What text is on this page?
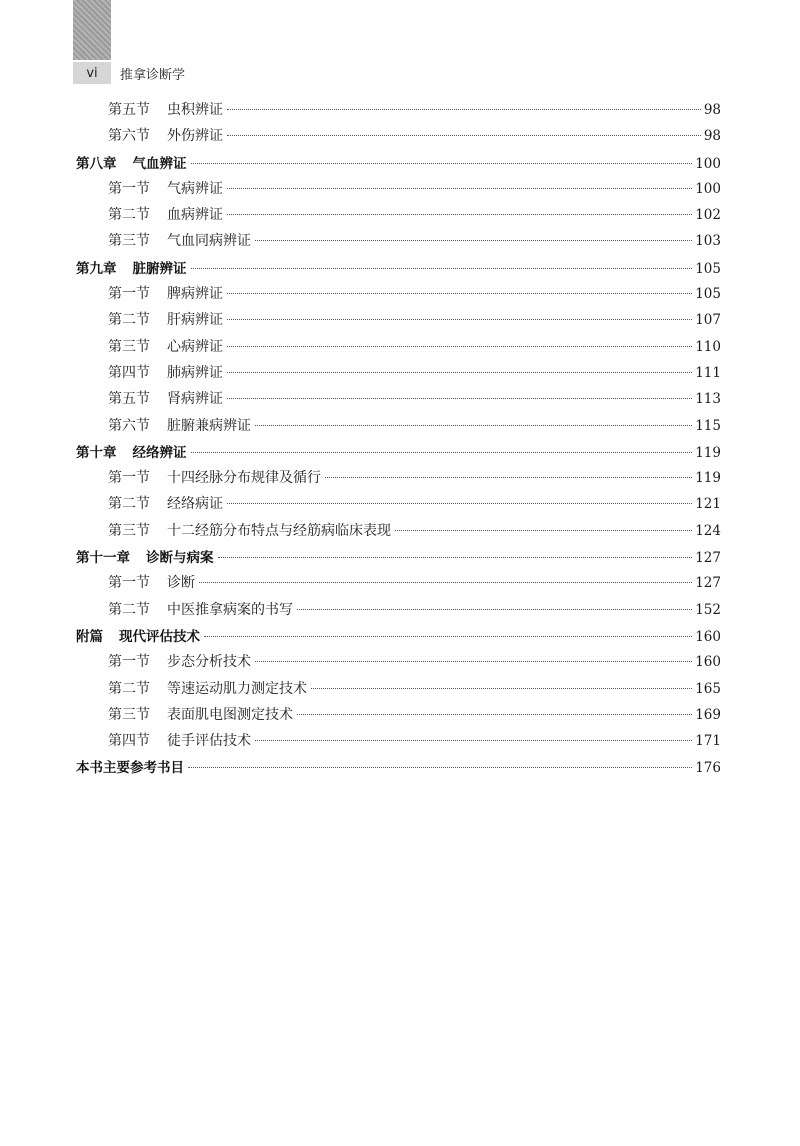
vi	推拿诊断学
第五节 虫积辨证	98
第六节 外伤辨证	98
第八章 气血辨证	100
第一节 气病辨证	100
第二节 血病辨证	102
第三节 气血同病辨证	103
第九章 脏腑辨证	105
第一节 脾病辨证	105
第二节 肝病辨证	107
第三节 心病辨证	110
第四节 肺病辨证	111
第五节 肾病辨证	113
第六节 脏腑兼病辨证	115
第十章 经络辨证	119
第一节 十四经脉分布规律及循行	119
第二节 经络病证	121
第三节 十二经筋分布特点与经筋病临床表现	124
第十一章 诊断与病案	127
第一节 诊断	127
第二节 中医推拿病案的书写	152
附篇 现代评估技术	160
第一节 步态分析技术	160
第二节 等速运动肌力测定技术	165
第三节 表面肌电图测定技术	169
第四节 徒手评估技术	171
本书主要参考书目	176
